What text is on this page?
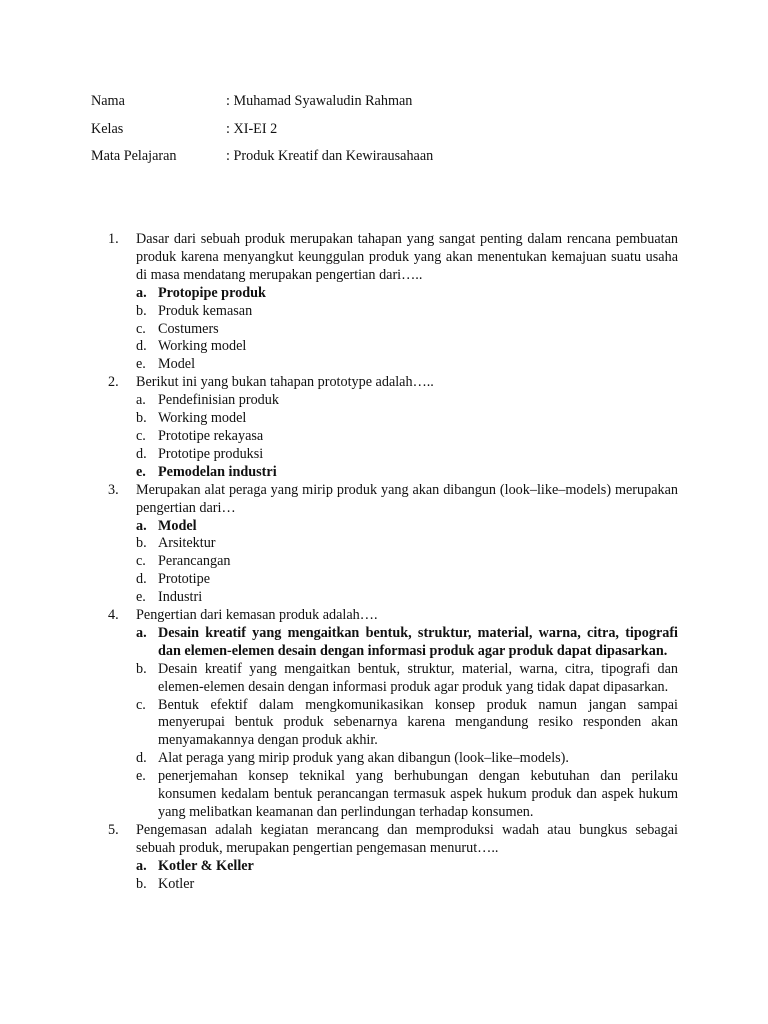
Nama	: Muhamad Syawaludin Rahman
Kelas	: XI-EI 2
Mata Pelajaran	: Produk Kreatif dan Kewirausahaan
1.	Dasar dari sebuah produk merupakan tahapan yang sangat penting dalam rencana pembuatan produk karena menyangkut keunggulan produk yang akan menentukan kemajuan suatu usaha di masa mendatang merupakan pengertian dari…..
a. Protopipe produk
b. Produk kemasan
c. Costumers
d. Working model
e. Model
2.	Berikut ini yang bukan tahapan prototype adalah…..
a. Pendefinisian produk
b. Working model
c. Prototipe rekayasa
d. Prototipe produksi
e. Pemodelan industri
3.	Merupakan alat peraga yang mirip produk yang akan dibangun (look–like–models) merupakan pengertian dari…
a. Model
b. Arsitektur
c. Perancangan
d. Prototipe
e. Industri
4.	Pengertian dari kemasan produk adalah….
a. Desain kreatif yang mengaitkan bentuk, struktur, material, warna, citra, tipografi dan elemen-elemen desain dengan informasi produk agar produk dapat dipasarkan.
b. Desain kreatif yang mengaitkan bentuk, struktur, material, warna, citra, tipografi dan elemen-elemen desain dengan informasi produk agar produk yang tidak dapat dipasarkan.
c. Bentuk efektif dalam mengkomunikasikan konsep produk namun jangan sampai menyerupai bentuk produk sebenarnya karena mengandung resiko responden akan menyamakannya dengan produk akhir.
d. Alat peraga yang mirip produk yang akan dibangun (look–like–models).
e. penerjemahan konsep teknikal yang berhubungan dengan kebutuhan dan perilaku konsumen kedalam bentuk perancangan termasuk aspek hukum produk dan aspek hukum yang melibatkan keamanan dan perlindungan terhadap konsumen.
5.	Pengemasan adalah kegiatan merancang dan memproduksi wadah atau bungkus sebagai sebuah produk, merupakan pengertian pengemasan menurut…..
a. Kotler & Keller
b. Kotler
